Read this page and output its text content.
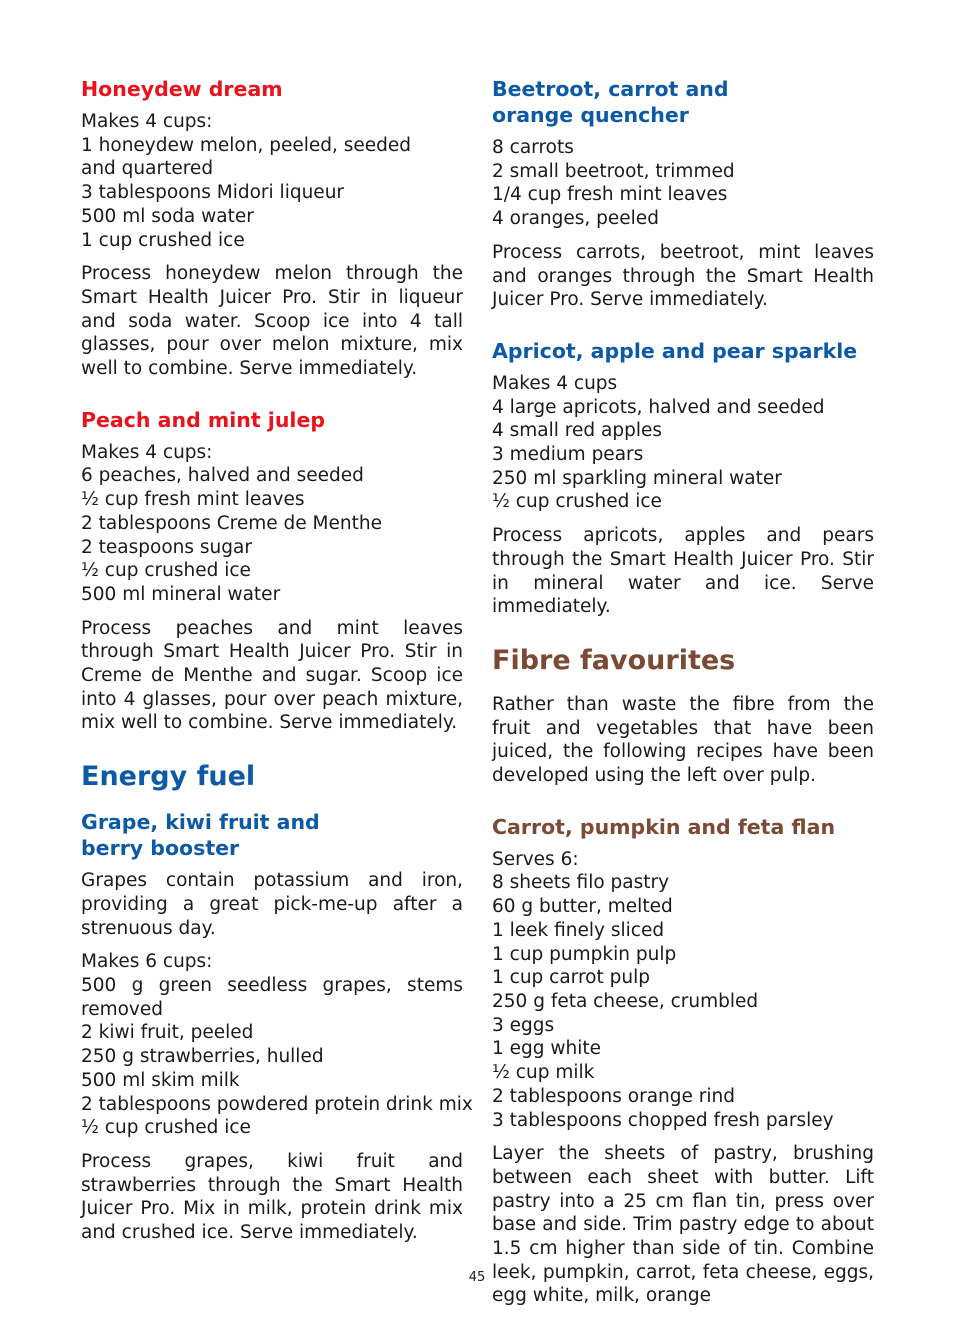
Honeydew dream
Makes 4 cups:
1 honeydew melon, peeled, seeded
and quartered
3 tablespoons Midori liqueur
500 ml soda water
1 cup crushed ice

Process honeydew melon through the Smart Health Juicer Pro. Stir in liqueur and soda water. Scoop ice into 4 tall glasses, pour over melon mixture, mix well to combine. Serve immediately.

Peach and mint julep
Makes 4 cups:
6 peaches, halved and seeded
½ cup fresh mint leaves
2 tablespoons Creme de Menthe
2 teaspoons sugar
½ cup crushed ice
500 ml mineral water

Process peaches and mint leaves through Smart Health Juicer Pro. Stir in Creme de Menthe and sugar. Scoop ice into 4 glasses, pour over peach mixture, mix well to combine. Serve immediately.

Energy fuel
Grape, kiwi fruit and
berry booster

Grapes contain potassium and iron, providing a great pick-me-up after a strenuous day.

Makes 6 cups:
500 g green seedless grapes, stems
removed
2 kiwi fruit, peeled
250 g strawberries, hulled
500 ml skim milk
2 tablespoons powdered protein drink mix
½ cup crushed ice

Process grapes, kiwi fruit and strawberries through the Smart Health Juicer Pro. Mix in milk, protein drink mix and crushed ice. Serve immediately.

Beetroot, carrot and
orange quencher
8 carrots
2 small beetroot, trimmed
1/4 cup fresh mint leaves
4 oranges, peeled

Process carrots, beetroot, mint leaves and oranges through the Smart Health Juicer Pro. Serve immediately.

Apricot, apple and pear sparkle
Makes 4 cups
4 large apricots, halved and seeded
4 small red apples
3 medium pears
250 ml sparkling mineral water
½ cup crushed ice

Process apricots, apples and pears through the Smart Health Juicer Pro. Stir in mineral water and ice. Serve immediately.

Fibre favourites

Rather than waste the fibre from the fruit and vegetables that have been juiced, the following recipes have been developed using the left over pulp.

Carrot, pumpkin and feta flan
Serves 6:
8 sheets filo pastry
60 g butter, melted
1 leek finely sliced
1 cup pumpkin pulp
1 cup carrot pulp
250 g feta cheese, crumbled
3 eggs
1 egg white
½ cup milk
2 tablespoons orange rind
3 tablespoons chopped fresh parsley

Layer the sheets of pastry, brushing between each sheet with butter. Lift pastry into a 25 cm flan tin, press over base and side. Trim pastry edge to about 1.5 cm higher than side of tin. Combine leek, pumpkin, carrot, feta cheese, eggs, egg white, milk, orange

45
